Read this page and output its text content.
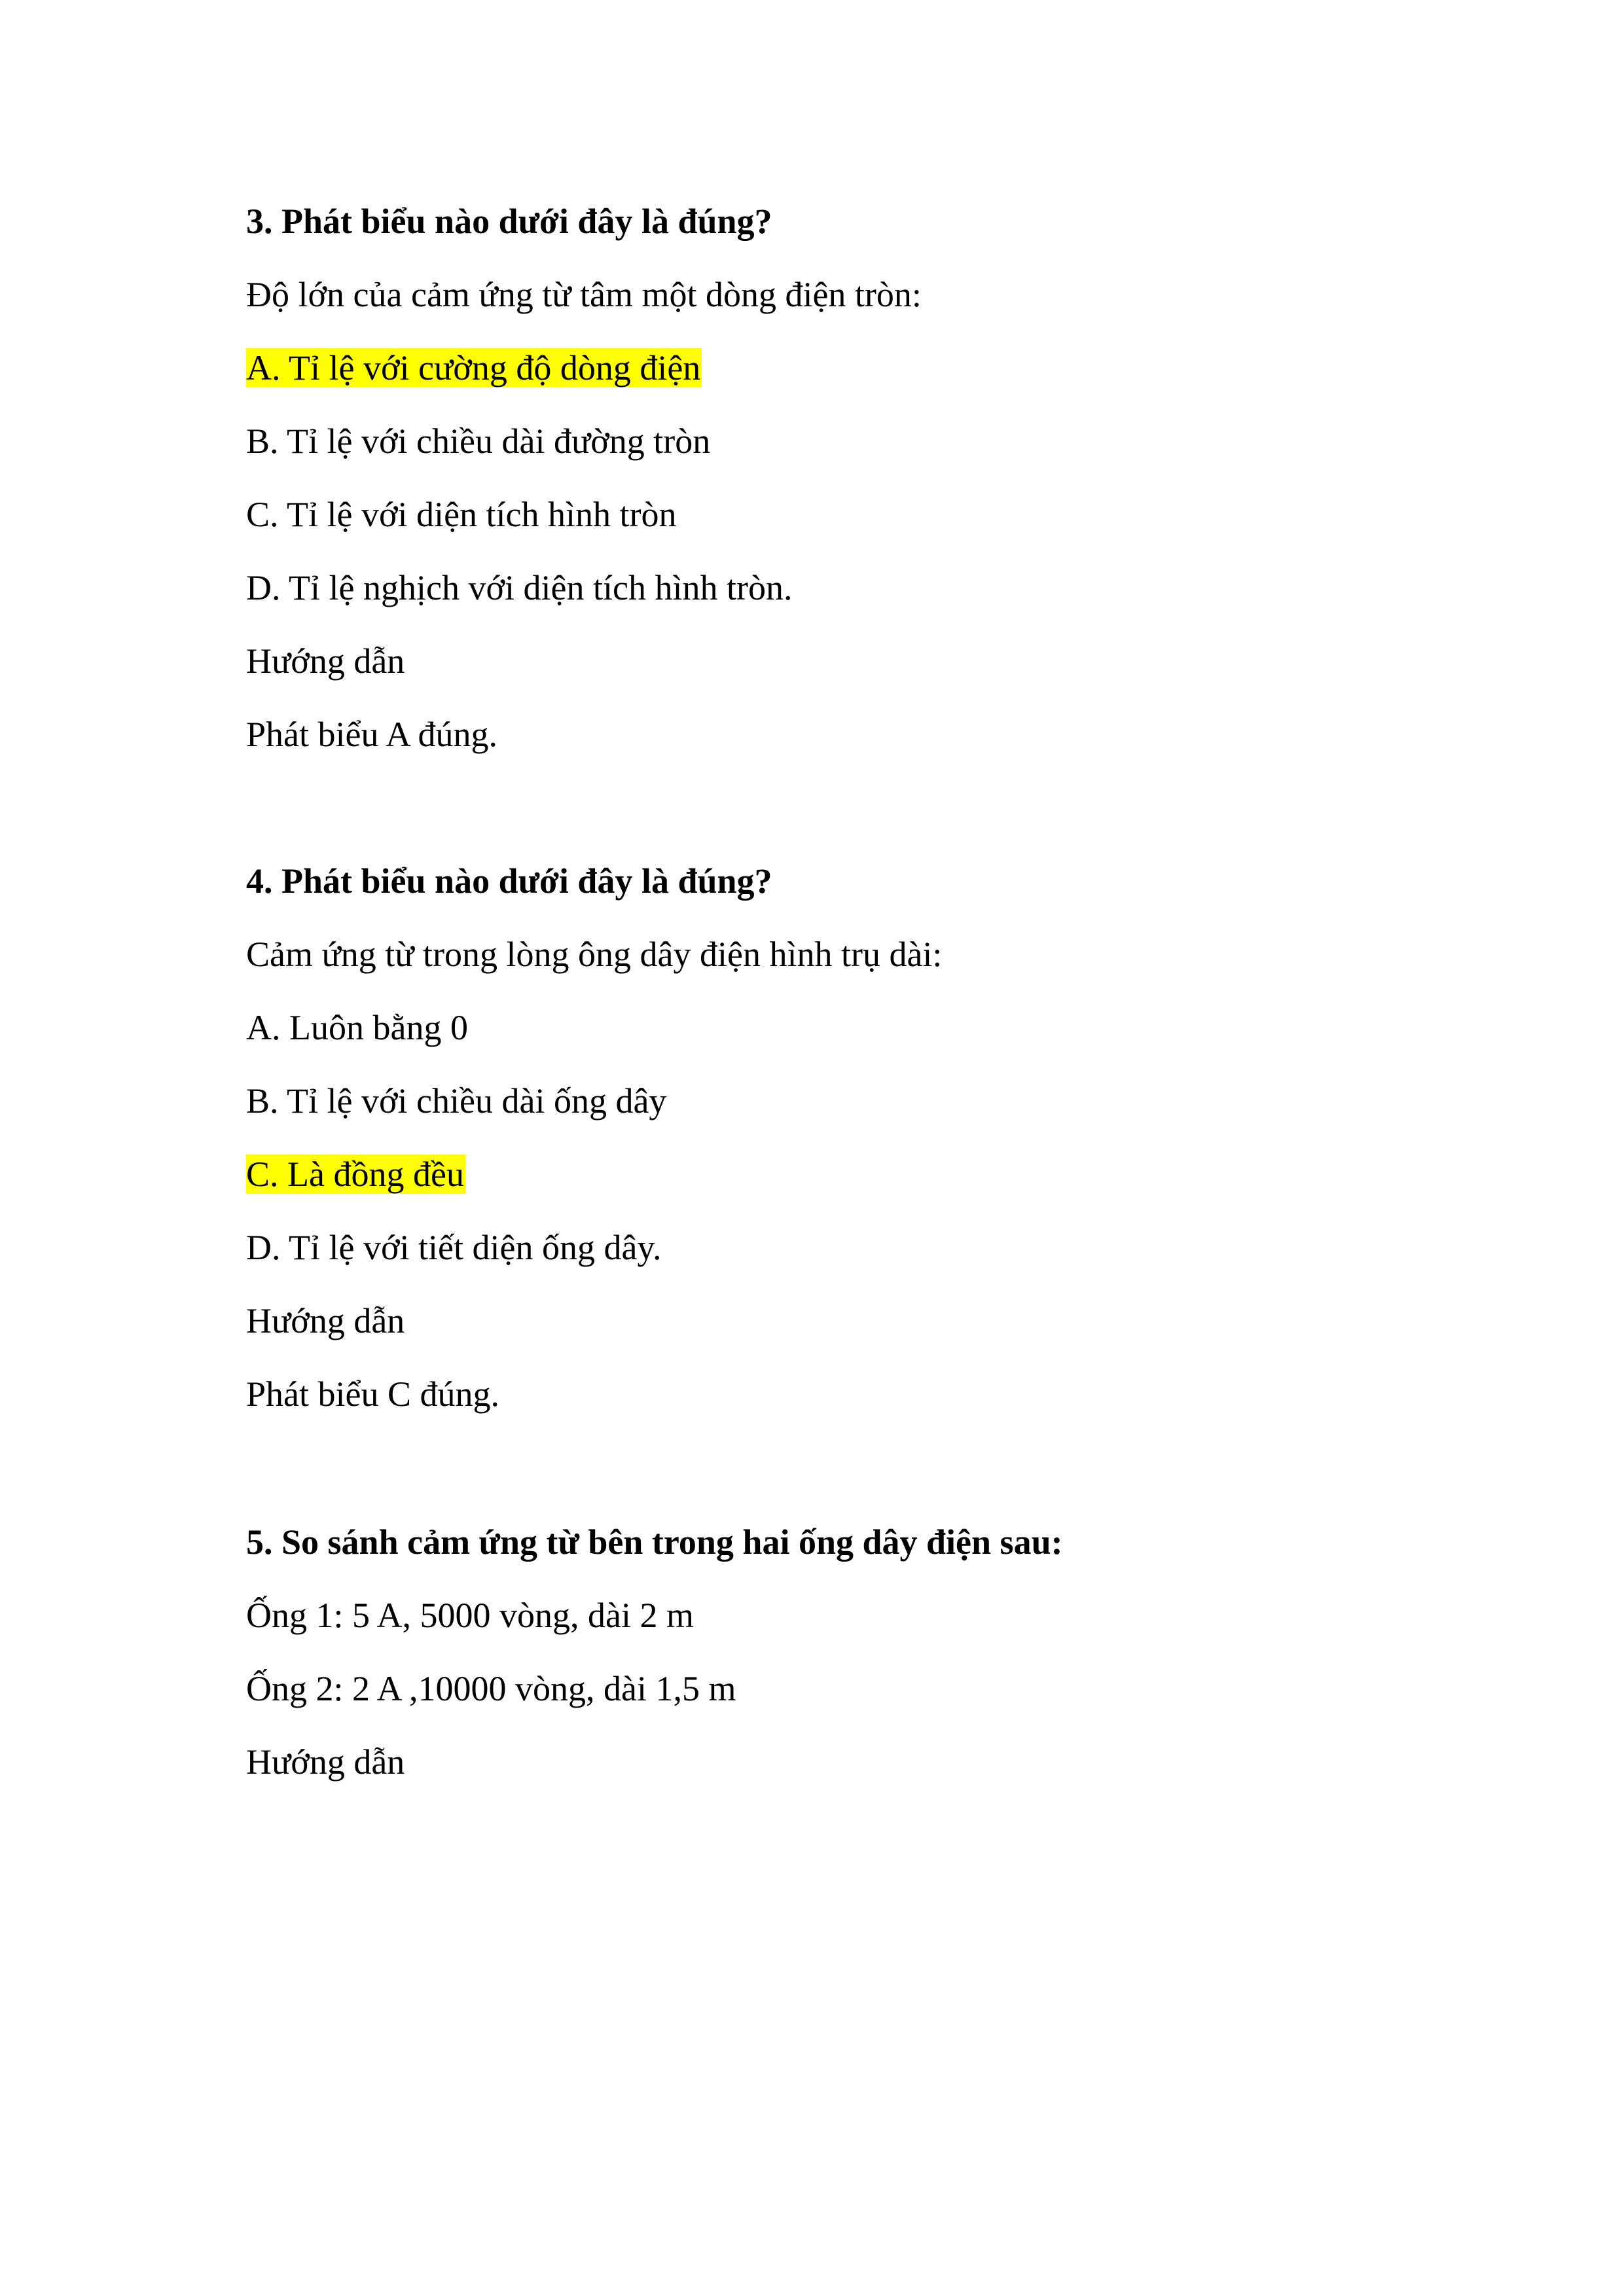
3. Phát biểu nào dưới đây là đúng?
Độ lớn của cảm ứng từ tâm một dòng điện tròn:
A. Tỉ lệ với cường độ dòng điện
B. Tỉ lệ với chiều dài đường tròn
C. Tỉ lệ với diện tích hình tròn
D. Tỉ lệ nghịch với diện tích hình tròn.
Hướng dẫn
Phát biểu A đúng.
4. Phát biểu nào dưới đây là đúng?
Cảm ứng từ trong lòng ông dây điện hình trụ dài:
A. Luôn bằng 0
B. Tỉ lệ với chiều dài ống dây
C. Là đồng đều
D. Tỉ lệ với tiết diện ống dây.
Hướng dẫn
Phát biểu C đúng.
5. So sánh cảm ứng từ bên trong hai ống dây điện sau:
Ống 1: 5 A, 5000 vòng, dài 2 m
Ống 2: 2 A ,10000 vòng, dài 1,5 m
Hướng dẫn
